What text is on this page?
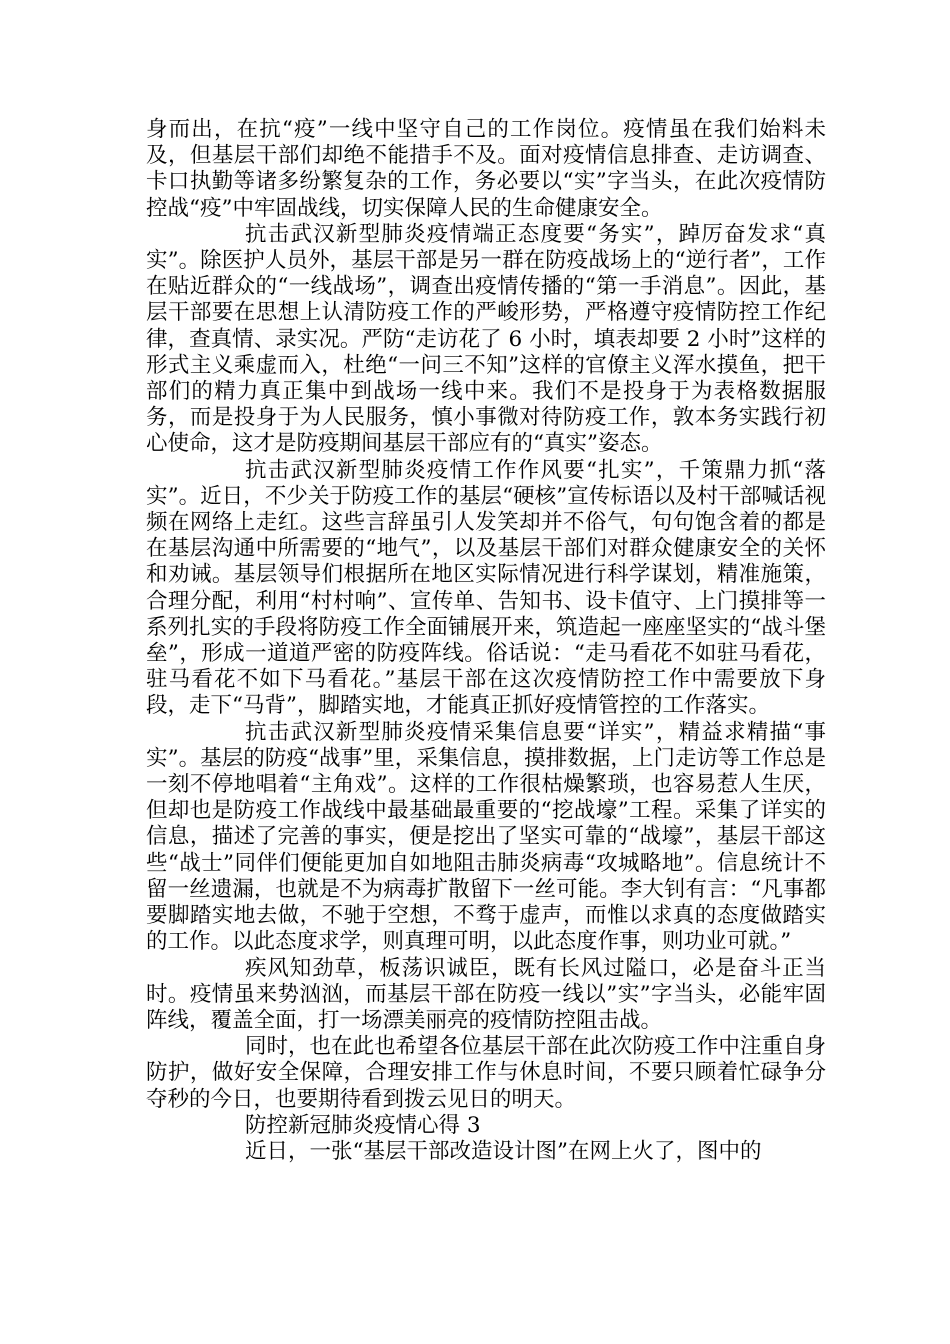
身而出，在抗“疫”一线中坚守自己的工作岗位。疫情虽在我们始料未及，但基层干部们却绝不能措手不及。面对疫情信息排查、走访调查、卡口执勤等诸多纷繁复杂的工作，务必要以“实”字当头，在此次疫情防控战“疫”中牢固战线，切实保障人民的生命健康安全。

抗击武汉新型肺炎疫情端正态度要“务实”，踔厉奋发求“真实”。除医护人员外，基层干部是另一群在防疫战场上的“逆行者”，工作在贴近群众的“一线战场”，调查出疫情传播的“第一手消息”。因此，基层干部要在思想上认清防疫工作的严峻形势，严格遵守疫情防控工作纪律，查真情、录实况。严防“走访花了 6 小时，填表却要 2 小时”这样的形式主义乘虚而入，杜绝“一问三不知”这样的官僚主义浑水摸鱼，把干部们的精力真正集中到战场一线中来。我们不是投身于为表格数据服务，而是投身于为人民服务，慎小事微对待防疫工作，敦本务实践行初心使命，这才是防疫期间基层干部应有的“真实”姿态。

抗击武汉新型肺炎疫情工作作风要“扎实”，千策鼎力抓“落实”。近日，不少关于防疫工作的基层“硬核”宣传标语以及村干部喊话视频在网络上走红。这些言辞虽引人发笑却并不俗气，句句饱含着的都是在基层沟通中所需要的“地气”，以及基层干部们对群众健康安全的关怀和劝诫。基层领导们根据所在地区实际情况进行科学谋划，精准施策，合理分配，利用“村村响”、宣传单、告知书、设卡值守、上门摸排等一系列扎实的手段将防疫工作全面铺展开来，筑造起一座座坚实的“战斗堡垒”，形成一道道严密的防疫阵线。俗话说：“走马看花不如驻马看花，驻马看花不如下马看花。”基层干部在这次疫情防控工作中需要放下身段，走下“马背”，脚踏实地，才能真正抓好疫情管控的工作落实。

抗击武汉新型肺炎疫情采集信息要“详实”，精益求精描“事实”。基层的防疫“战事”里，采集信息，摸排数据，上门走访等工作总是一刻不停地唱着“主角戏”。这样的工作很枯燥繁琐，也容易惹人生厌，但却也是防疫工作战线中最基础最重要的“挖战壕”工程。采集了详实的信息，描述了完善的事实，便是挖出了坚实可靠的“战壕”，基层干部这些“战士”同伴们便能更加自如地阻击肺炎病毒“攻城略地”。信息统计不留一丝遗漏，也就是不为病毒扩散留下一丝可能。李大钊有言：“凡事都要脚踏实地去做，不驰于空想，不骛于虚声，而惟以求真的态度做踏实的工作。以此态度求学，则真理可明，以此态度作事，则功业可就。”

疾风知劲草，板荡识诚臣，既有长风过隘口，必是奋斗正当时。疫情虽来势汹汹，而基层干部在防疫一线以”实”字当头，必能牢固阵线，覆盖全面，打一场漂美丽亮的疫情防控阻击战。

同时，也在此也希望各位基层干部在此次防疫工作中注重自身防护，做好安全保障，合理安排工作与休息时间，不要只顾着忙碌争分夺秒的今日，也要期待看到拨云见日的明天。

防控新冠肺炎疫情心得 3

近日，一张“基层干部改造设计图”在网上火了，图中的
